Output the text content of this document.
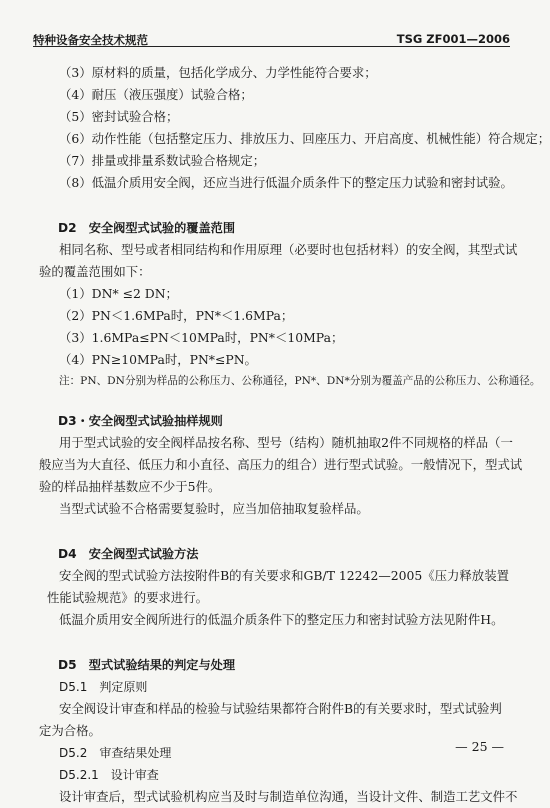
特种设备安全技术规范	TSG ZF001—2006
（3）原材料的质量，包括化学成分、力学性能符合要求；
（4）耐压（液压强度）试验合格；
（5）密封试验合格；
（6）动作性能（包括整定压力、排放压力、回座压力、开启高度、机械性能）符合规定；
（7）排量或排量系数试验合格规定；
（8）低温介质用安全阀，还应当进行低温介质条件下的整定压力试验和密封试验。
D2　安全阀型式试验的覆盖范围
相同名称、型号或者相同结构和作用原理（必要时也包括材料）的安全阀，其型式试
验的覆盖范围如下：
（1）DN* ≤2 DN；
（2）PN＜1.6MPa时，PN*＜1.6MPa；
（3）1.6MPa≤PN＜10MPa时，PN*＜10MPa；
（4）PN≥10MPa时，PN*≤PN。
注：PN、DN分别为样品的公称压力、公称通径，PN*、DN*分别为覆盖产品的公称压力、公称通径。
D3・安全阀型式试验抽样规则
用于型式试验的安全阀样品按名称、型号（结构）随机抽取2件不同规格的样品（一
般应当为大直径、低压力和小直径、高压力的组合）进行型式试验。一般情况下，型式试
验的样品抽样基数应不少于5件。
当型式试验不合格需要复验时，应当加倍抽取复验样品。
D4　安全阀型式试验方法
安全阀的型式试验方法按附件B的有关要求和GB/T 12242—2005《压力释放装置
性能试验规范》的要求进行。
低温介质用安全阀所进行的低温介质条件下的整定压力和密封试验方法见附件H。
D5　型式试验结果的判定与处理
D5.1　判定原则
安全阀设计审查和样品的检验与试验结果都符合附件B的有关要求时，型式试验判
定为合格。
D5.2　审查结果处理
D5.2.1　设计审查
设计审查后，型式试验机构应当及时与制造单位沟通，当设计文件、制造工艺文件不
— 25 —
